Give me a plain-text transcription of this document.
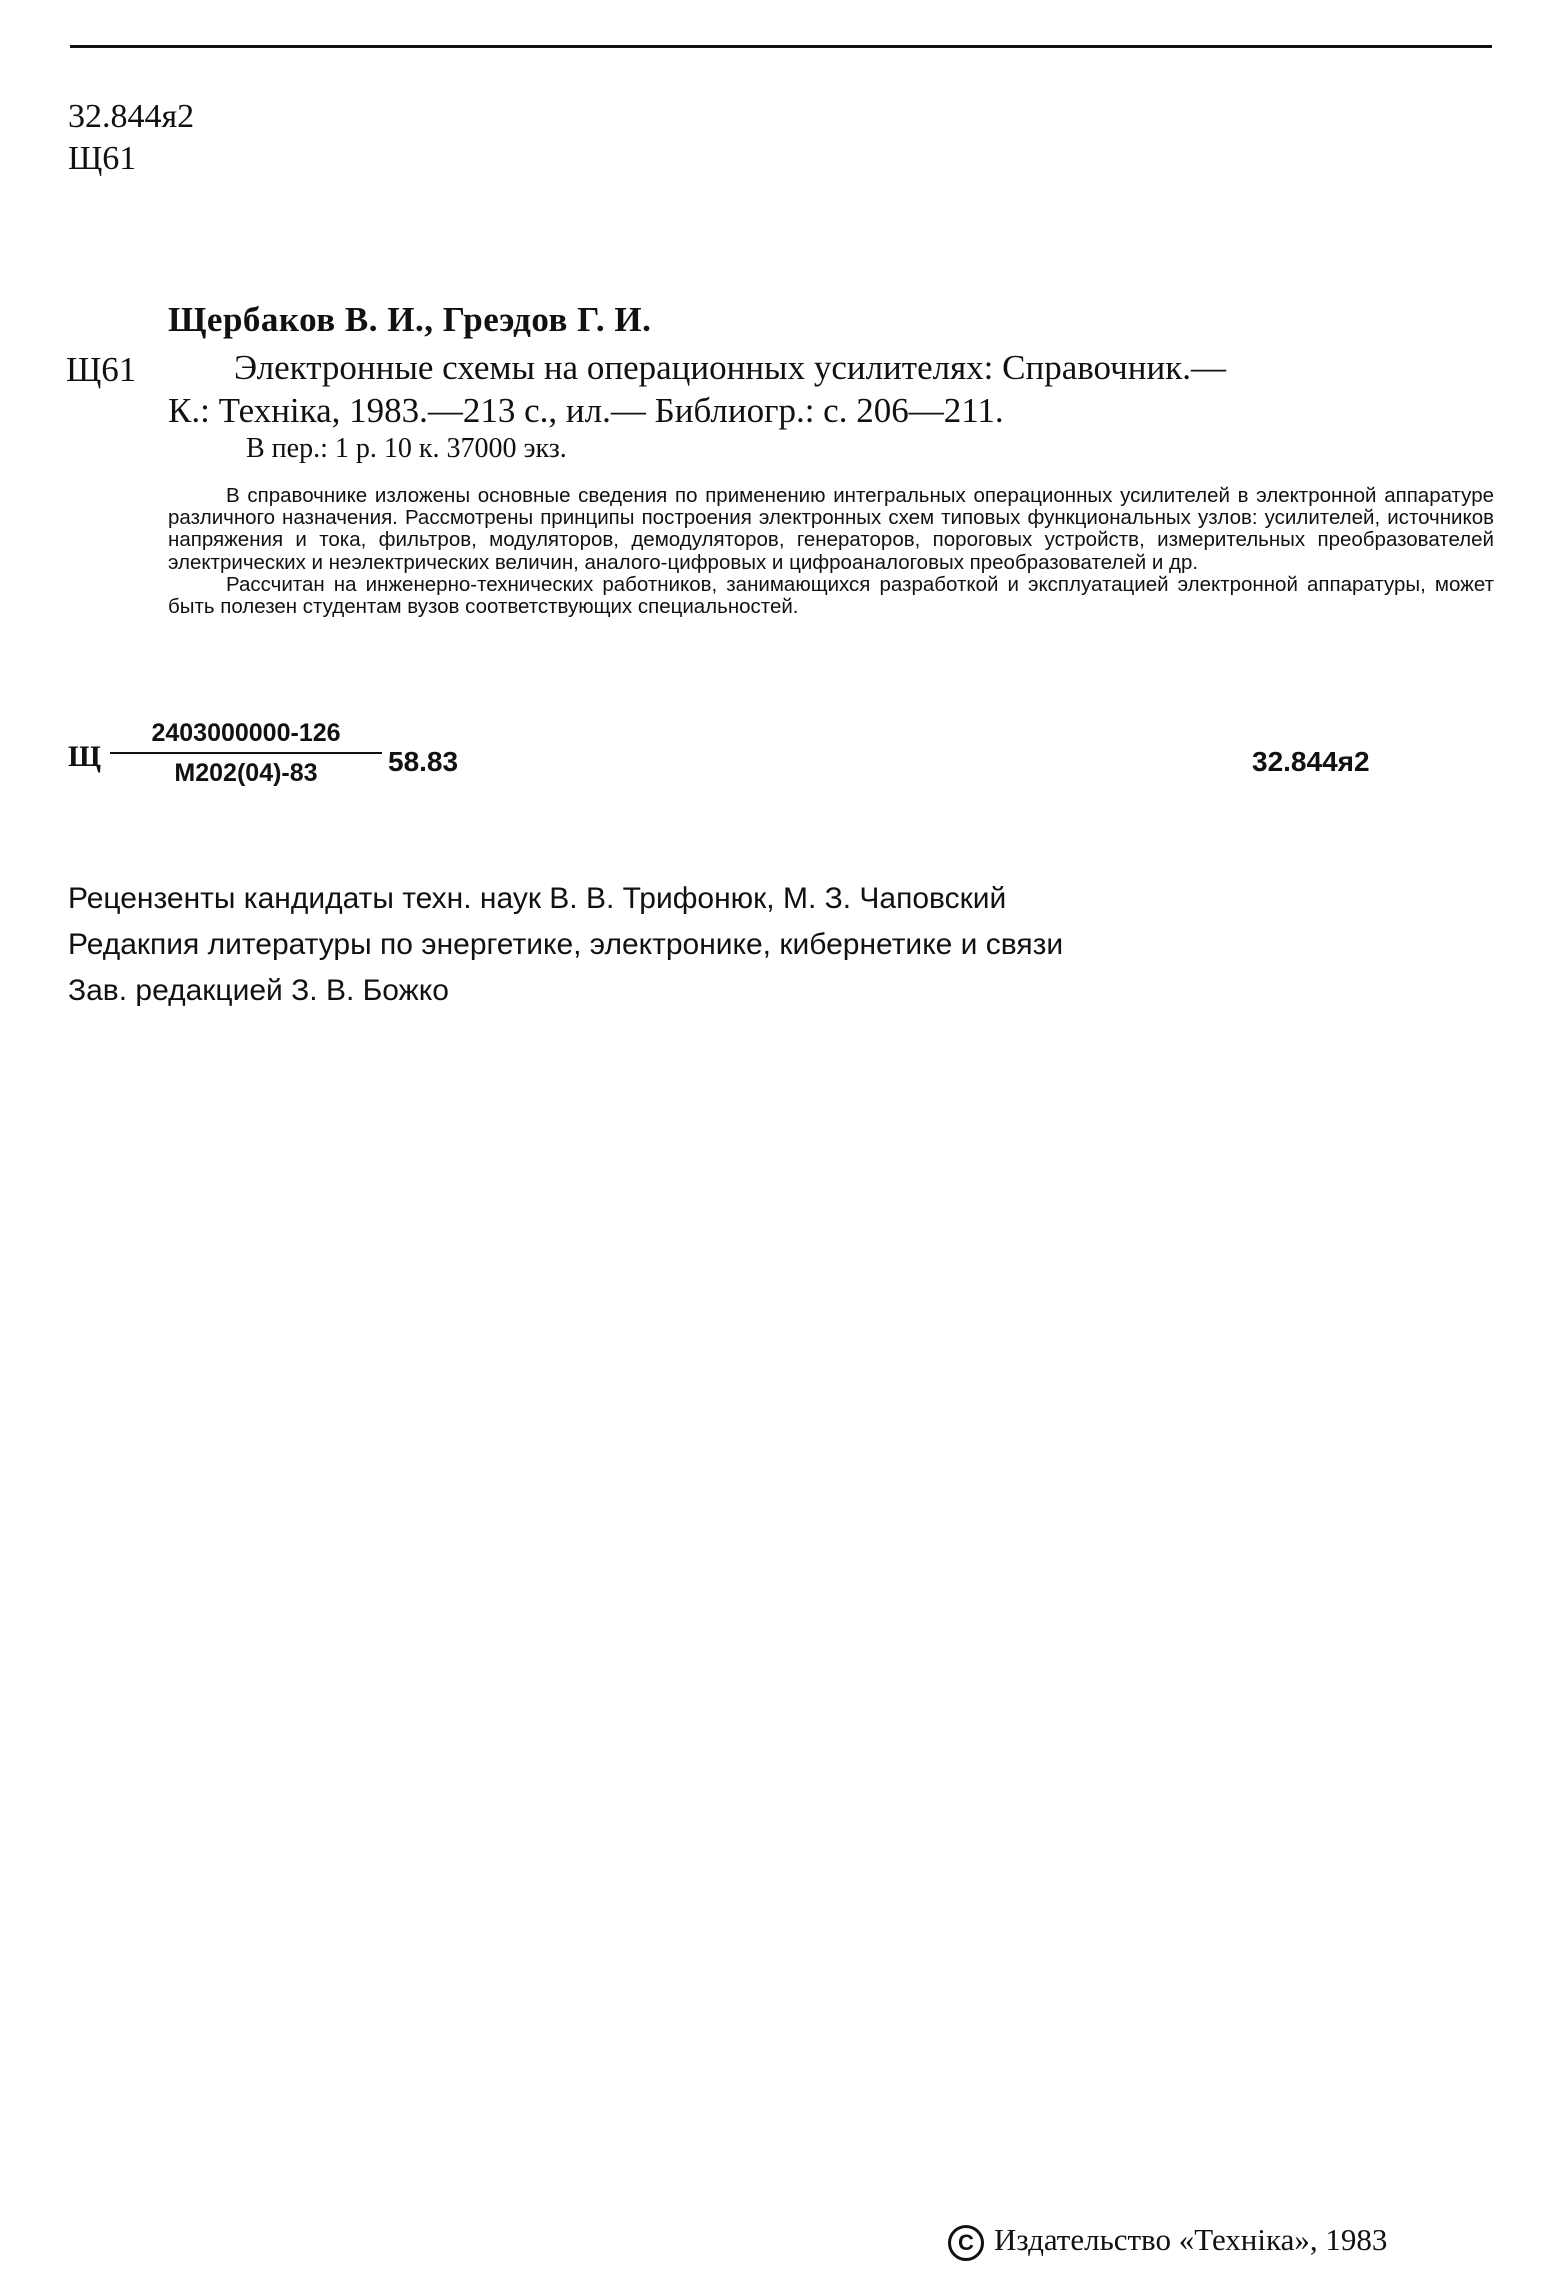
32.844я2
Щ61
Щербаков В. И., Греэдов Г. И.
Щ61	Электронные схемы на операционных усилителях: Справочник.—
К.: Техніка, 1983.—213 с., ил.— Библиогр.: с. 206—211.
В пер.: 1 р. 10 к. 37000 экз.

В справочнике изложены основные сведения по применению интегральных операционных усилителей в электронной аппаратуре различного назначения. Рассмотрены принципы построения электронных схем типовых функциональных узлов: усилителей, источников напряжения и тока, фильтров, модуляторов, демодуляторов, генераторов, пороговых устройств, измерительных преобразователей электрических и неэлектрических величин, аналого-цифровых и цифроаналоговых преобразователей и др.

Рассчитан на инженерно-технических работников, занимающихся разработкой и эксплуатацией электронной аппаратуры, может быть полезен студентам вузов соответствующих специальностей.

Щ
2403000000-126
М202(04)-83	58.83	32.844я2
Рецензенты кандидаты техн. наук В. В. Трифонюк, М. З. Чаповский
Редакпия литературы по энергетике, электронике, кибернетике и связи
Зав. редакцией З. В. Божко
С Издательство «Техніка», 1983
